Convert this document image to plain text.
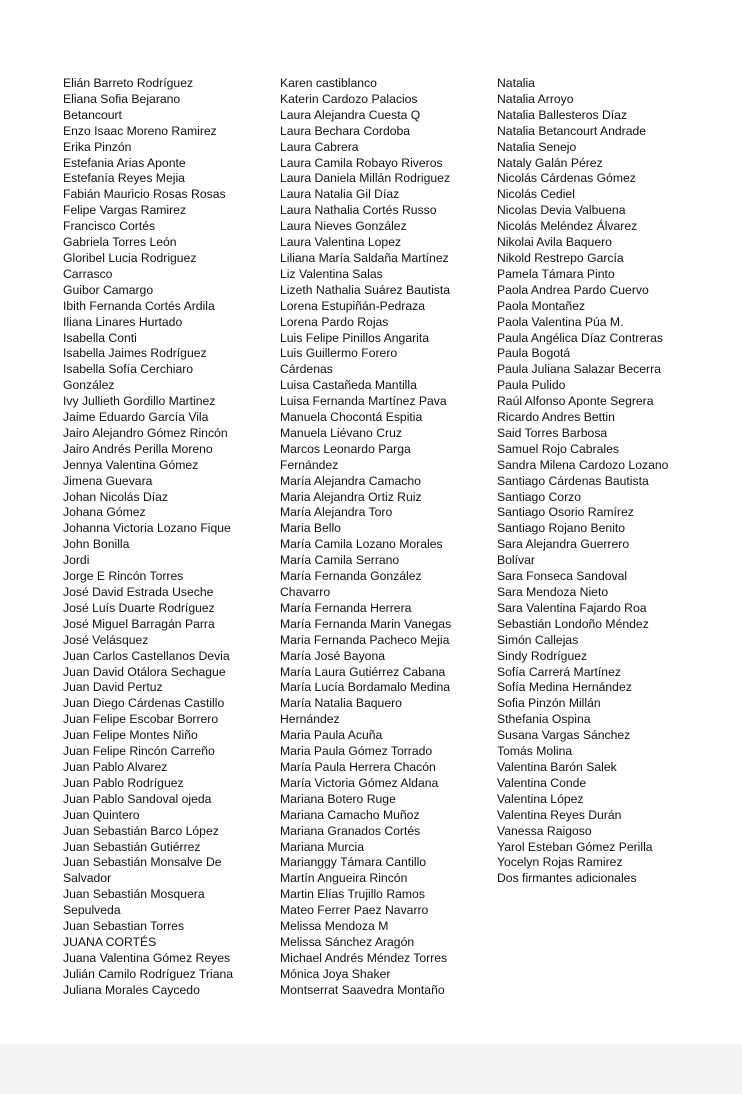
Elián Barreto Rodríguez
Eliana Sofia Bejarano
Betancourt
Enzo Isaac Moreno Ramirez
Erika Pinzón
Estefania Arias Aponte
Estefanía Reyes Mejia
Fabián Mauricio Rosas Rosas
Felipe Vargas Ramirez
Francisco Cortés
Gabriela Torres León
Gloribel Lucia Rodriguez
Carrasco
Guibor Camargo
Ibith Fernanda Cortés Ardila
Iliana Linares Hurtado
Isabella Conti
Isabella Jaimes Rodríguez
Isabella Sofía Cerchiaro
González
Ivy Jullieth Gordillo Martinez
Jaime Eduardo García Vila
Jairo Alejandro Gómez Rincón
Jairo Andrés Perilla Moreno
Jennya Valentina Gómez
Jimena Guevara
Johan Nicolás Díaz
Johana Gómez
Johanna Victoria Lozano Fique
John Bonilla
Jordi
Jorge E Rincón Torres
José David Estrada Useche
José Luís Duarte Rodríguez
José Miguel Barragán Parra
José Velásquez
Juan Carlos Castellanos Devia
Juan David Otálora Sechague
Juan David Pertuz
Juan Diego Cárdenas Castillo
Juan Felipe Escobar Borrero
Juan Felipe Montes Niño
Juan Felipe Rincón Carreño
Juan Pablo Alvarez
Juan Pablo Rodríguez
Juan Pablo Sandoval ojeda
Juan Quintero
Juan Sebastián Barco López
Juan Sebastián Gutiérrez
Juan Sebastián Monsalve De
Salvador
Juan Sebastián Mosquera
Sepulveda
Juan Sebastian Torres
JUANA CORTÉS
Juana Valentina Gómez Reyes
Julián Camilo Rodríguez Triana
Juliana Morales Caycedo
Karen castiblanco
Katerin Cardozo Palacios
Laura Alejandra Cuesta Q
Laura Bechara Cordoba
Laura Cabrera
Laura Camila Robayo Riveros
Laura Daniela Millán Rodriguez
Laura Natalia Gil Díaz
Laura Nathalia Cortés Russo
Laura Nieves González
Laura Valentina Lopez
Liliana María Saldaña Martínez
Liz Valentina Salas
Lizeth Nathalia Suárez Bautista
Lorena Estupiñán-Pedraza
Lorena Pardo Rojas
Luis Felipe Pinillos Angarita
Luis Guillermo Forero
Cárdenas
Luisa Castañeda Mantilla
Luisa Fernanda Martínez Pava
Manuela Chocontá Espitia
Manuela Liévano Cruz
Marcos Leonardo Parga
Fernández
María Alejandra Camacho
Maria Alejandra Ortiz Ruiz
María Alejandra Toro
Maria Bello
María Camila Lozano Morales
María Camila Serrano
María Fernanda González
Chavarro
María Fernanda Herrera
María Fernanda Marin Vanegas
Maria Fernanda Pacheco Mejia
María José Bayona
María Laura Gutiérrez Cabana
María Lucía Bordamalo Medina
María Natalia Baquero
Hernández
Maria Paula Acuña
Maria Paula Gómez Torrado
María Paula Herrera Chacón
María Victoria Gómez Aldana
Mariana Botero Ruge
Mariana Camacho Muñoz
Mariana Granados Cortés
Mariana Murcia
Marianggy Támara Cantillo
Martín Angueira Rincón
Martin Elías Trujillo Ramos
Mateo Ferrer Paez Navarro
Melissa Mendoza M
Melissa Sánchez Aragón
Michael Andrés Méndez Torres
Mónica Joya Shaker
Montserrat Saavedra Montaño
Natalia
Natalia Arroyo
Natalia Ballesteros Díaz
Natalia Betancourt Andrade
Natalia Senejo
Nataly Galán Pérez
Nicolás Cárdenas Gómez
Nicolás Cediel
Nicolas Devia Valbuena
Nicolás Meléndez Álvarez
Nikolai Avila Baquero
Nikold Restrepo García
Pamela Támara Pinto
Paola Andrea Pardo Cuervo
Paola Montañez
Paola Valentina Púa M.
Paula Angélica Díaz Contreras
Paula Bogotá
Paula Juliana Salazar Becerra
Paula Pulido
Raúl Alfonso Aponte Segrera
Ricardo Andres Bettin
Said Torres Barbosa
Samuel Rojo Cabrales
Sandra Milena Cardozo Lozano
Santiago Cárdenas Bautista
Santiago Corzo
Santiago Osorio Ramírez
Santiago Rojano Benito
Sara Alejandra Guerrero
Bolívar
Sara Fonseca Sandoval
Sara Mendoza Nieto
Sara Valentina Fajardo Roa
Sebastián Londoño Méndez
Simón Callejas
Sindy Rodríguez
Sofía Carrerá Martínez
Sofía Medina Hernández
Sofia Pinzón Millán
Sthefania Ospina
Susana Vargas Sánchez
Tomás Molina
Valentina Barón Salek
Valentina Conde
Valentina López
Valentina Reyes Durán
Vanessa Raigoso
Yarol Esteban Gómez Perilla
Yocelyn Rojas Ramirez
Dos firmantes adicionales
